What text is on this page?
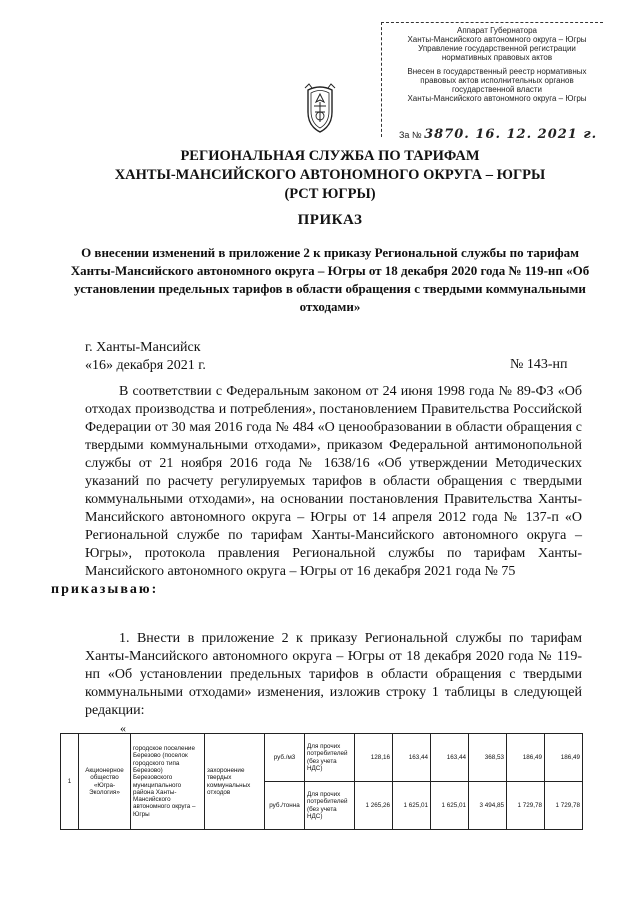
Аппарат Губернатора
Ханты-Мансийского автономного округа – Югры
Управление государственной регистрации
нормативных правовых актов
Внесен в государственный реестр нормативных
правовых актов исполнительных органов
государственной власти
Ханты-Мансийского автономного округа – Югры
За № 3870. 16. 12. 2021 г.
РЕГИОНАЛЬНАЯ СЛУЖБА ПО ТАРИФАМ
ХАНТЫ-МАНСИЙСКОГО АВТОНОМНОГО ОКРУГА – ЮГРЫ
(РСТ ЮГРЫ)
ПРИКАЗ
О внесении изменений в приложение 2 к приказу Региональной службы по тарифам Ханты-Мансийского автономного округа – Югры от 18 декабря 2020 года № 119-нп «Об установлении предельных тарифов в области обращения с твердыми коммунальными отходами»
г. Ханты-Мансийск
«16» декабря 2021 г.	№ 143-нп
В соответствии с Федеральным законом от 24 июня 1998 года № 89-ФЗ «Об отходах производства и потребления», постановлением Правительства Российской Федерации от 30 мая 2016 года № 484 «О ценообразовании в области обращения с твердыми коммунальными отходами», приказом Федеральной антимонопольной службы от 21 ноября 2016 года № 1638/16 «Об утверждении Методических указаний по расчету регулируемых тарифов в области обращения с твердыми коммунальными отходами», на основании постановления Правительства Ханты-Мансийского автономного округа – Югры от 14 апреля 2012 года № 137-п «О Региональной службе по тарифам Ханты-Мансийского автономного округа – Югры», протокола правления Региональной службы по тарифам Ханты-Мансийского автономного округа – Югры от 16 декабря 2021 года № 75
приказываю:
1. Внести в приложение 2 к приказу Региональной службы по тарифам Ханты-Мансийского автономного округа – Югры от 18 декабря 2020 года № 119-нп «Об установлении предельных тарифов в области обращения с твердыми коммунальными отходами» изменения, изложив строку 1 таблицы в следующей редакции:
«
1	Акционерное общество «Югра-Экология»	городское поселение Березово (поселок городского типа Березово) Березовского муниципального района Ханты-Мансийского автономного округа – Югры	захоронение твердых коммунальных отходов	руб./м3	Для прочих потребителей (без учета НДС)	128,16	163,44	163,44	368,53	186,49	186,49
				руб./тонна	Для прочих потребителей (без учета НДС)	1 265,26	1 625,01	1 625,01	3 494,85	1 729,78	1 729,78
